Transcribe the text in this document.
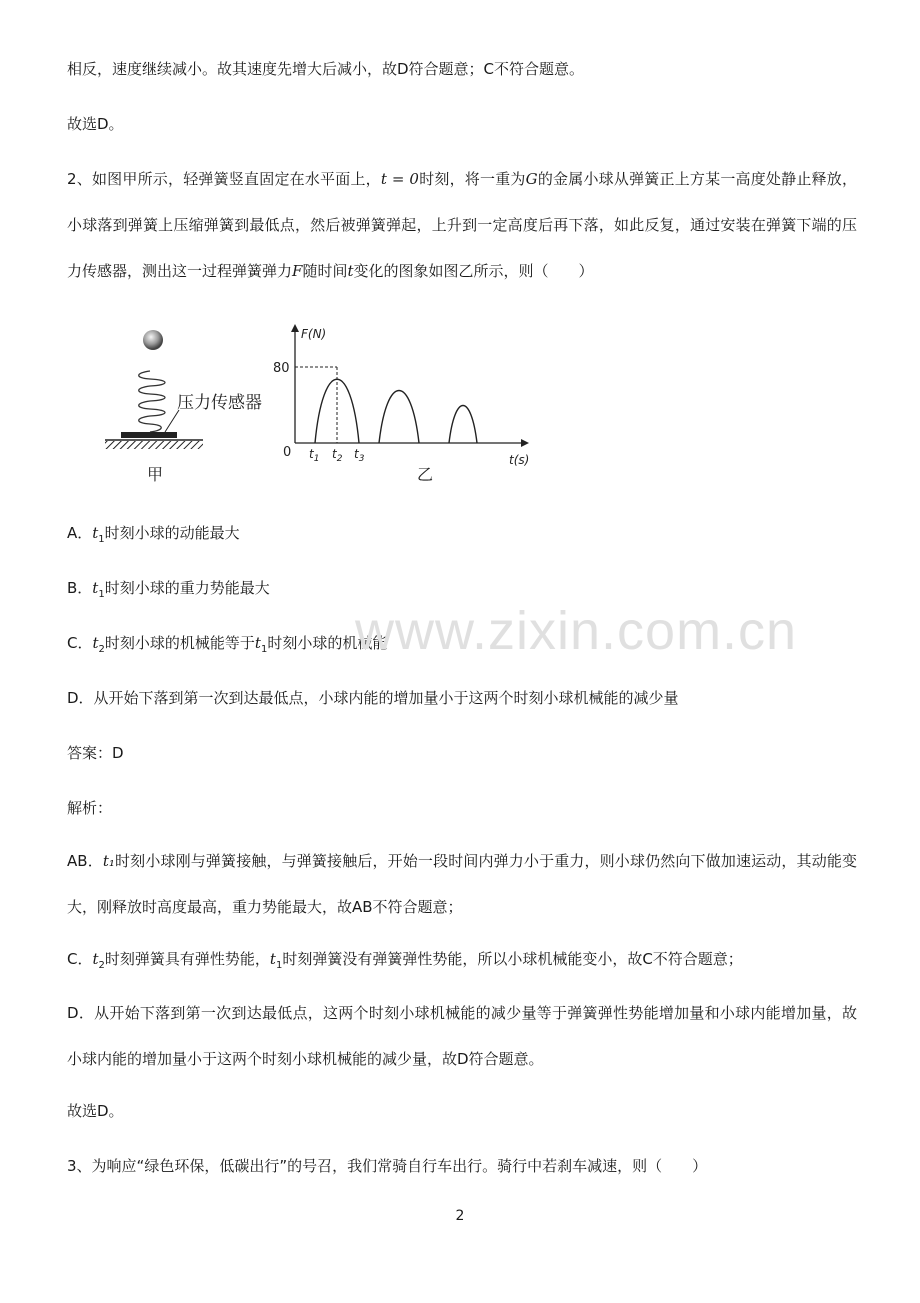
相反，速度继续减小。故其速度先增大后减小，故D符合题意；C不符合题意。
故选D。
2、如图甲所示，轻弹簧竖直固定在水平面上，t = 0时刻，将一重为G的金属小球从弹簧正上方某一高度处静止释放，小球落到弹簧上压缩弹簧到最低点，然后被弹簧弹起，上升到一定高度后再下落，如此反复，通过安装在弹簧下端的压力传感器，测出这一过程弹簧弹力F随时间t变化的图象如图乙所示，则（　　）
压力传感器
甲
F(N)
t(s)
80
0 $t_1$ $t_2$ $t_3$
乙
A．$t_1$时刻小球的动能最大
B．$t_1$时刻小球的重力势能最大
C．$t_2$时刻小球的机械能等于$t_1$时刻小球的机械能
D．从开始下落到第一次到达最低点，小球内能的增加量小于这两个时刻小球机械能的减少量
答案：D
解析：
AB．t₁时刻小球刚与弹簧接触，与弹簧接触后，开始一段时间内弹力小于重力，则小球仍然向下做加速运动，其动能变大，刚释放时高度最高，重力势能最大，故AB不符合题意；
C．$t_2$时刻弹簧具有弹性势能，$t_1$时刻弹簧没有弹簧弹性势能，所以小球机械能变小，故C不符合题意；
D．从开始下落到第一次到达最低点，这两个时刻小球机械能的减少量等于弹簧弹性势能增加量和小球内能增加量，故小球内能的增加量小于这两个时刻小球机械能的减少量，故D符合题意。
故选D。
3、为响应“绿色环保，低碳出行”的号召，我们常骑自行车出行。骑行中若刹车减速，则（　　）
www.zixin.com.cn
2
